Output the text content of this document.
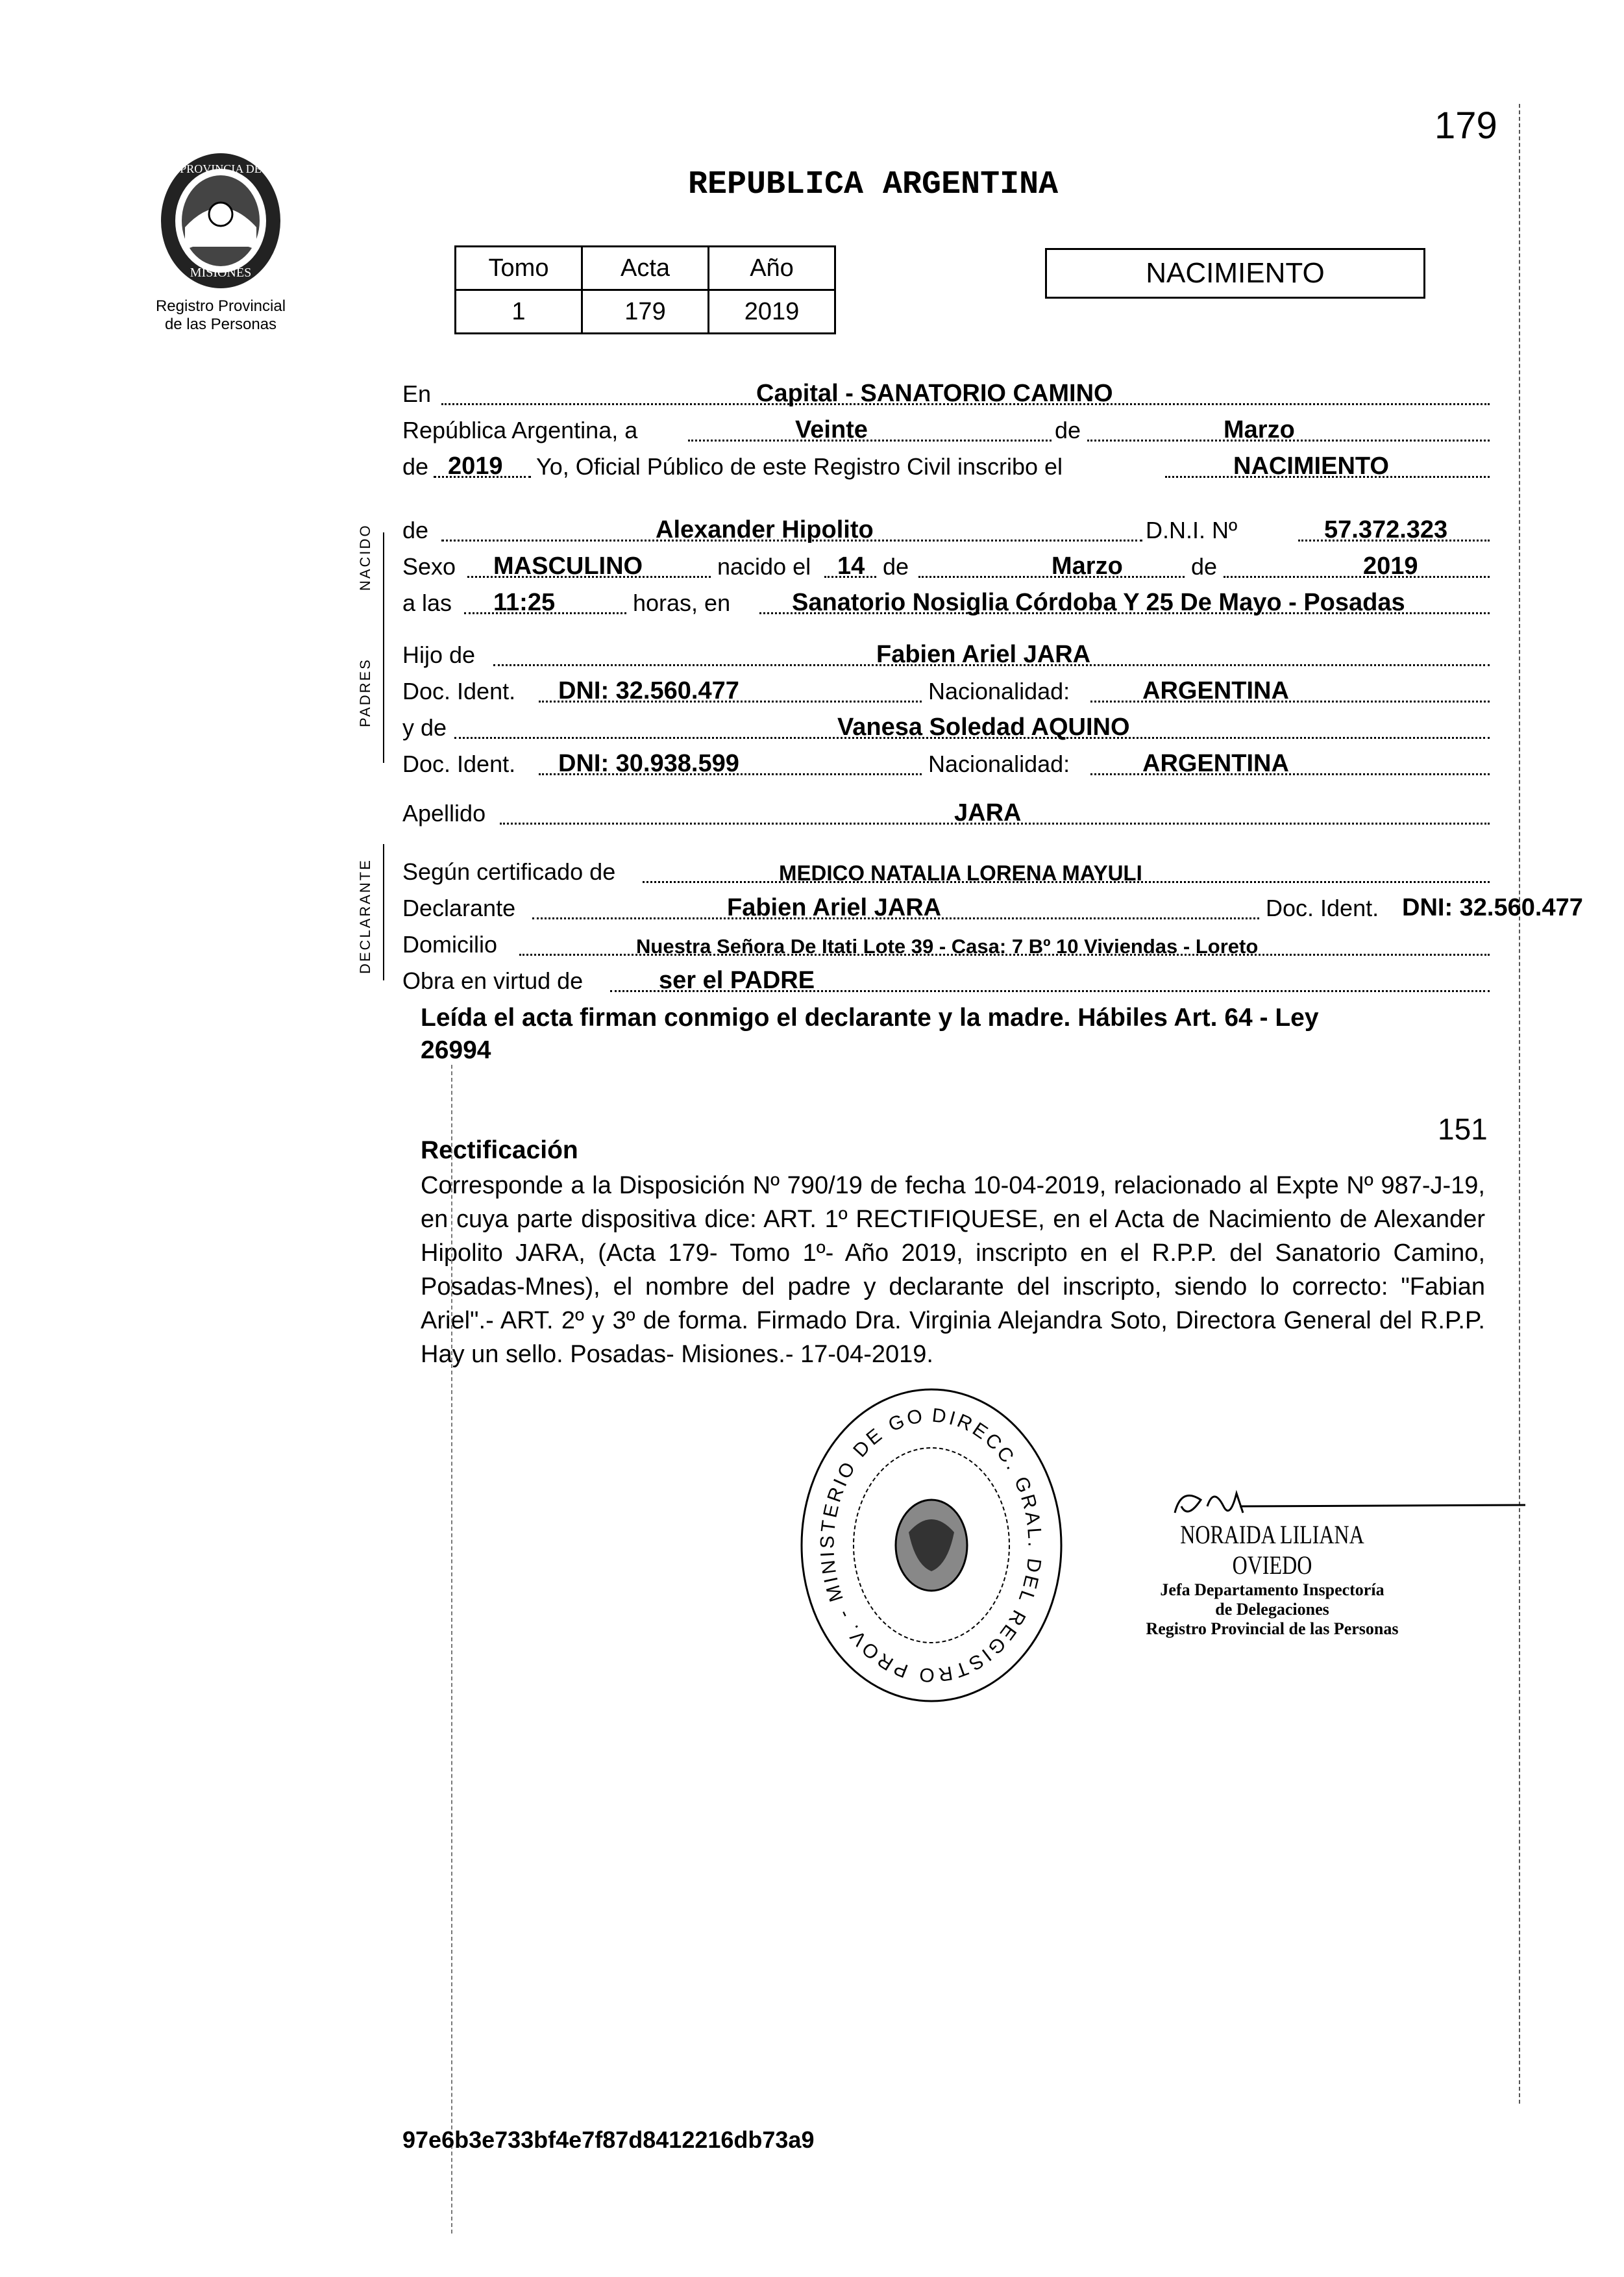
179
PROVINCIA DE
MISIONES
Registro Provincial
de las Personas
REPUBLICA ARGENTINA
Tomo	Acta	Año
1	179	2019
NACIMIENTO
NACIDO
PADRES
DECLARANTE
En	Capital - SANATORIO CAMINO
República Argentina, a	Veinte	de	Marzo
de 2019 Yo, Oficial Público de este Registro Civil inscribo el	NACIMIENTO
de	Alexander Hipolito	D.N.I. Nº	57.372.323
Sexo MASCULINO	nacido el 14 de	Marzo	de	2019
a las 11:25	horas, en Sanatorio Nosiglia Córdoba Y 25 De Mayo - Posadas
Hijo de	Fabien Ariel JARA
Doc. Ident. DNI: 32.560.477	Nacionalidad:	ARGENTINA
y de	Vanesa Soledad AQUINO
Doc. Ident. DNI: 30.938.599	Nacionalidad:	ARGENTINA
Apellido	JARA
Según certificado de	MEDICO NATALIA LORENA MAYULI
Declarante	Fabien Ariel JARA	Doc. Ident. DNI: 32.560.477
Domicilio	Nuestra Señora De Itati Lote 39 - Casa: 7 Bº 10 Viviendas - Loreto
Obra en virtud de	ser el PADRE
Leída el acta firman conmigo el declarante y la madre. Hábiles Art. 64 - Ley
26994
151
Rectificación
Corresponde a la Disposición Nº 790/19 de fecha 10-04-2019, relacionado al Expte Nº 987-J-19, en cuya parte dispositiva dice: ART. 1º RECTIFIQUESE, en el Acta de Nacimiento de Alexander Hipolito JARA, (Acta 179- Tomo 1º- Año 2019, inscripto en el R.P.P. del Sanatorio Camino, Posadas-Mnes), el nombre del padre y declarante del inscripto, siendo lo correcto: "Fabian Ariel".- ART. 2º y 3º de forma. Firmado Dra. Virginia Alejandra Soto, Directora General del R.P.P. Hay un sello. Posadas- Misiones.- 17-04-2019.
DIRECC. GRAL. DEL REGISTRO PROV. - MINISTERIO DE GO
NORAIDA LILIANA OVIEDO
Jefa Departamento Inspectoría
de Delegaciones
Registro Provincial de las Personas
97e6b3e733bf4e7f87d8412216db73a9
